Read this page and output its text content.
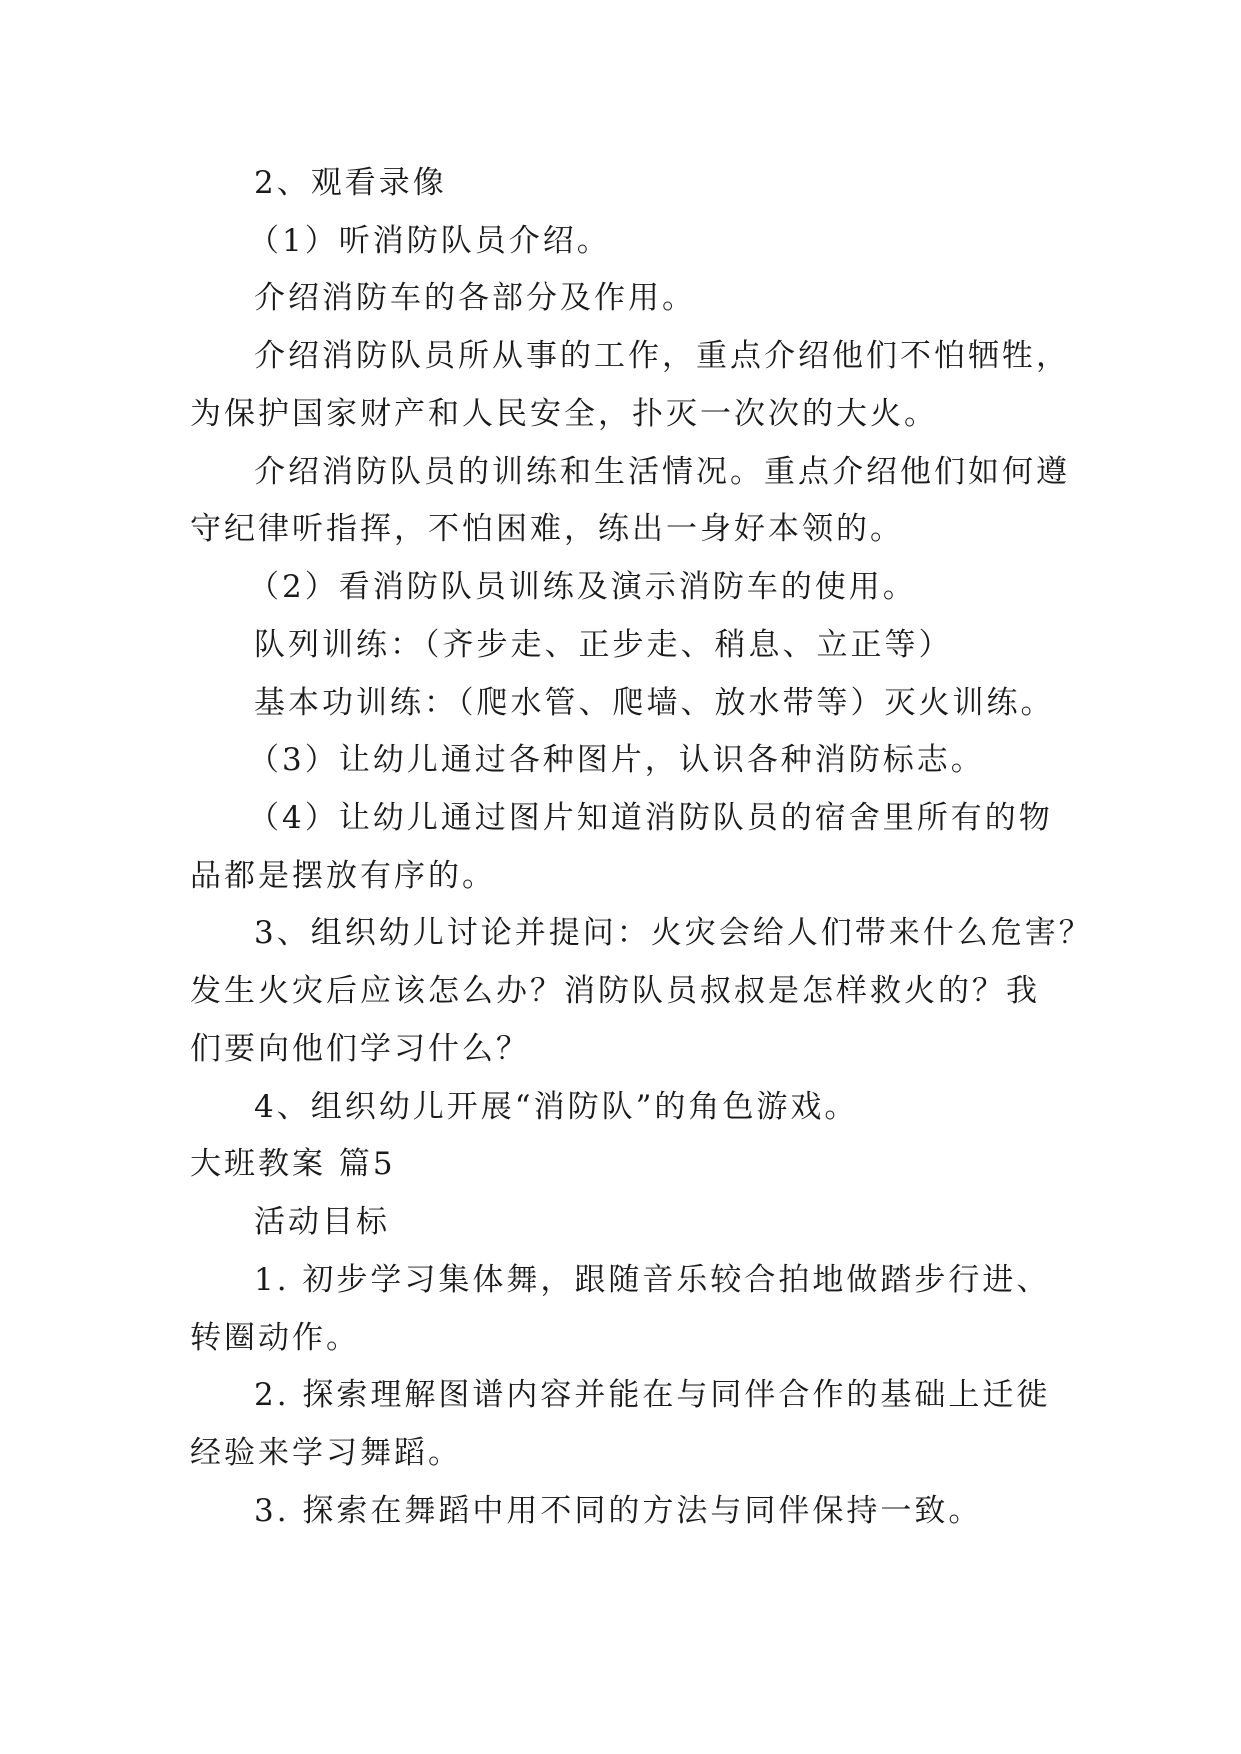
2、观看录像
（1）听消防队员介绍。
介绍消防车的各部分及作用。
介绍消防队员所从事的工作，重点介绍他们不怕牺牲，
为保护国家财产和人民安全，扑灭一次次的大火。
介绍消防队员的训练和生活情况。重点介绍他们如何遵
守纪律听指挥，不怕困难，练出一身好本领的。
（2）看消防队员训练及演示消防车的使用。
队列训练：（齐步走、正步走、稍息、立正等）
基本功训练：（爬水管、爬墙、放水带等）灭火训练。
（3）让幼儿通过各种图片，认识各种消防标志。
（4）让幼儿通过图片知道消防队员的宿舍里所有的物
品都是摆放有序的。
3、组织幼儿讨论并提问：火灾会给人们带来什么危害？
发生火灾后应该怎么办？消防队员叔叔是怎样救火的？我
们要向他们学习什么？
4、组织幼儿开展“消防队”的角色游戏。
大班教案 篇5
活动目标
1. 初步学习集体舞，跟随音乐较合拍地做踏步行进、
转圈动作。
2. 探索理解图谱内容并能在与同伴合作的基础上迁徙
经验来学习舞蹈。
3. 探索在舞蹈中用不同的方法与同伴保持一致。
